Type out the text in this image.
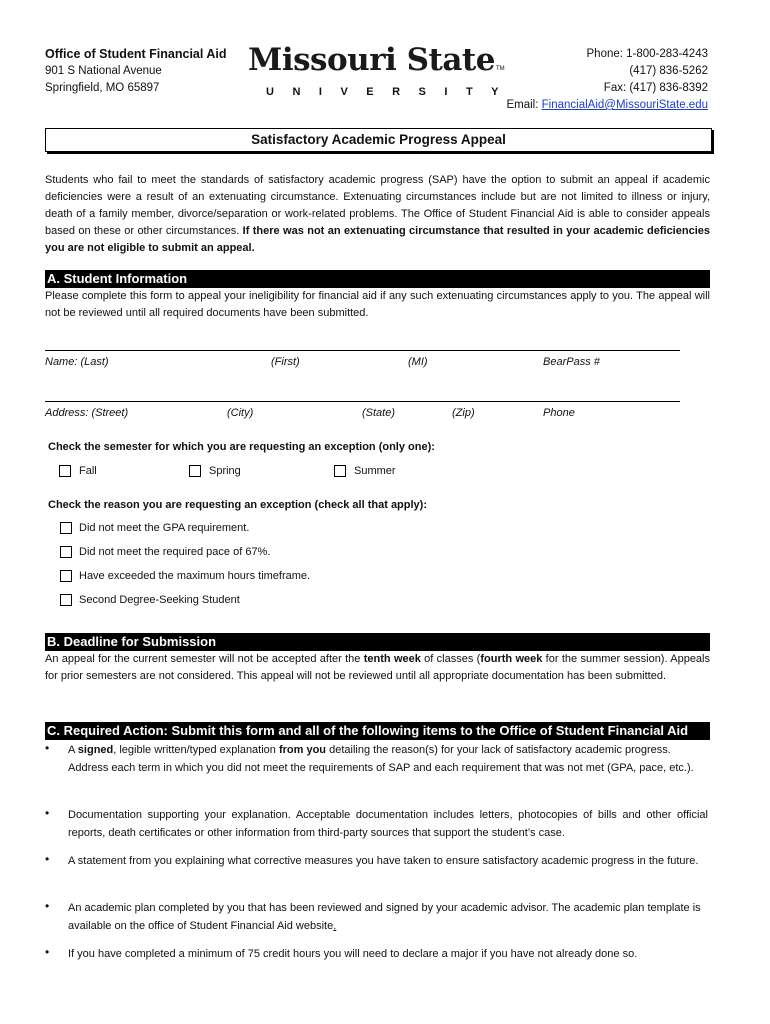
Office of Student Financial Aid
901 S National Avenue
Springfield, MO 65897
Missouri State TM
UNIVERSITY
Phone: 1-800-283-4243
(417) 836-5262
Fax: (417) 836-8392
Email: FinancialAid@MissouriState.edu
Satisfactory Academic Progress Appeal
Students who fail to meet the standards of satisfactory academic progress (SAP) have the option to submit an appeal if academic deficiencies were a result of an extenuating circumstance. Extenuating circumstances include but are not limited to illness or injury, death of a family member, divorce/separation or work-related problems. The Office of Student Financial Aid is able to consider appeals based on these or other circumstances. If there was not an extenuating circumstance that resulted in your academic deficiencies you are not eligible to submit an appeal.
A. Student Information
Please complete this form to appeal your ineligibility for financial aid if any such extenuating circumstances apply to you. The appeal will not be reviewed until all required documents have been submitted.
Name: (Last)	(First)	(MI)	BearPass #
Address: (Street)	(City)	(State)	(Zip)	Phone
Check the semester for which you are requesting an exception (only one):
Fall	Spring	Summer
Check the reason you are requesting an exception (check all that apply):
Did not meet the GPA requirement.
Did not meet the required pace of 67%.
Have exceeded the maximum hours timeframe.
Second Degree-Seeking Student
B. Deadline for Submission
An appeal for the current semester will not be accepted after the tenth week of classes (fourth week for the summer session). Appeals for prior semesters are not considered. This appeal will not be reviewed until all appropriate documentation has been submitted.
C. Required Action: Submit this form and all of the following items to the Office of Student Financial Aid
• A signed, legible written/typed explanation from you detailing the reason(s) for your lack of satisfactory academic progress. Address each term in which you did not meet the requirements of SAP and each requirement that was not met (GPA, pace, etc.).
• Documentation supporting your explanation. Acceptable documentation includes letters, photocopies of bills and other official reports, death certificates or other information from third-party sources that support the student’s case.
• A statement from you explaining what corrective measures you have taken to ensure satisfactory academic progress in the future.
• An academic plan completed by you that has been reviewed and signed by your academic advisor. The academic plan template is available on the office of Student Financial Aid website.
• If you have completed a minimum of 75 credit hours you will need to declare a major if you have not already done so.
